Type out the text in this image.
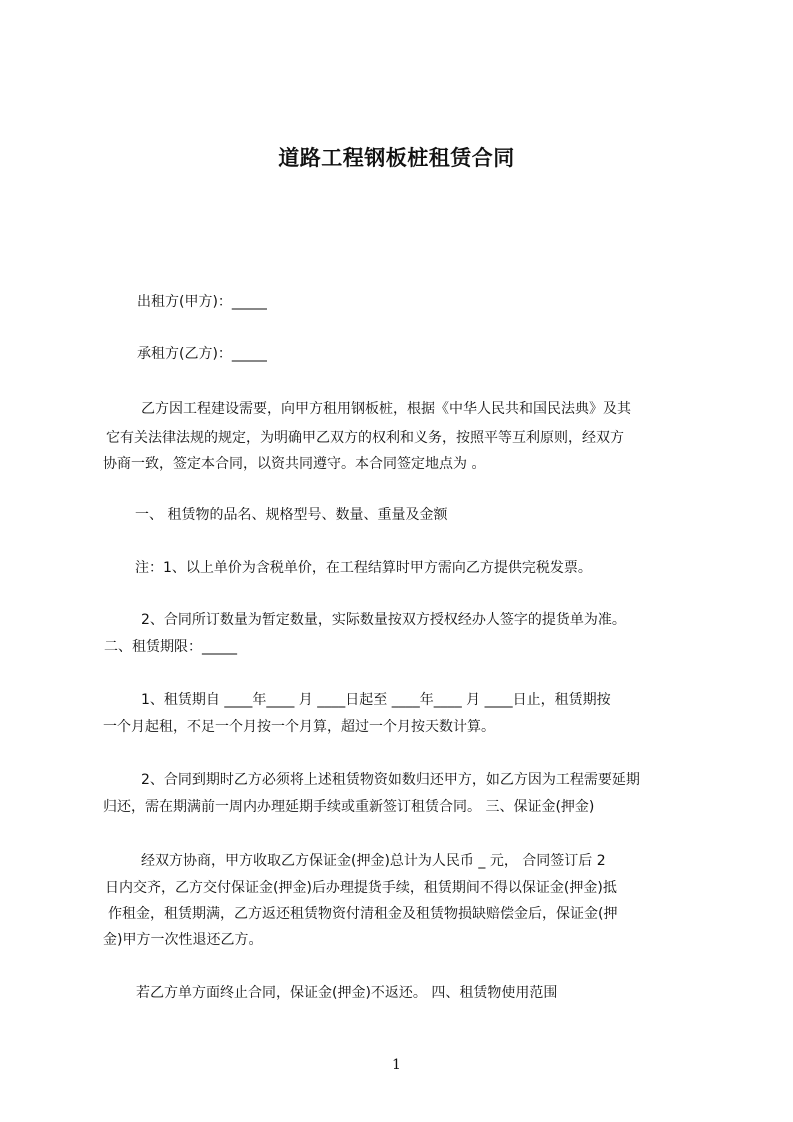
道路工程钢板桩租赁合同

出租方(甲方)：_____

承租方(乙方)：_____

乙方因工程建设需要，向甲方租用钢板桩，根据《中华人民共和国民法典》及其

它有关法律法规的规定，为明确甲乙双方的权利和义务，按照平等互利原则，经双方

协商一致，签定本合同，以资共同遵守。本合同签定地点为 。

一、 租赁物的品名、规格型号、数量、重量及金额

注：1、以上单价为含税单价，在工程结算时甲方需向乙方提供完税发票。

2、合同所订数量为暂定数量，实际数量按双方授权经办人签字的提货单为准。

二、租赁期限：_____

1、租赁期自 ____年____ 月 ____日起至 ____年____ 月 ____日止，租赁期按

一个月起租，不足一个月按一个月算，超过一个月按天数计算。

2、合同到期时乙方必须将上述租赁物资如数归还甲方，如乙方因为工程需要延期

归还，需在期满前一周内办理延期手续或重新签订租赁合同。 三、保证金(押金)

经双方协商，甲方收取乙方保证金(押金)总计为人民币 _ 元， 合同签订后 2

日内交齐，乙方交付保证金(押金)后办理提货手续，租赁期间不得以保证金(押金)抵

作租金，租赁期满，乙方返还租赁物资付清租金及租赁物损缺赔偿金后，保证金(押

金)甲方一次性退还乙方。

若乙方单方面终止合同，保证金(押金)不返还。 四、租赁物使用范围

1
